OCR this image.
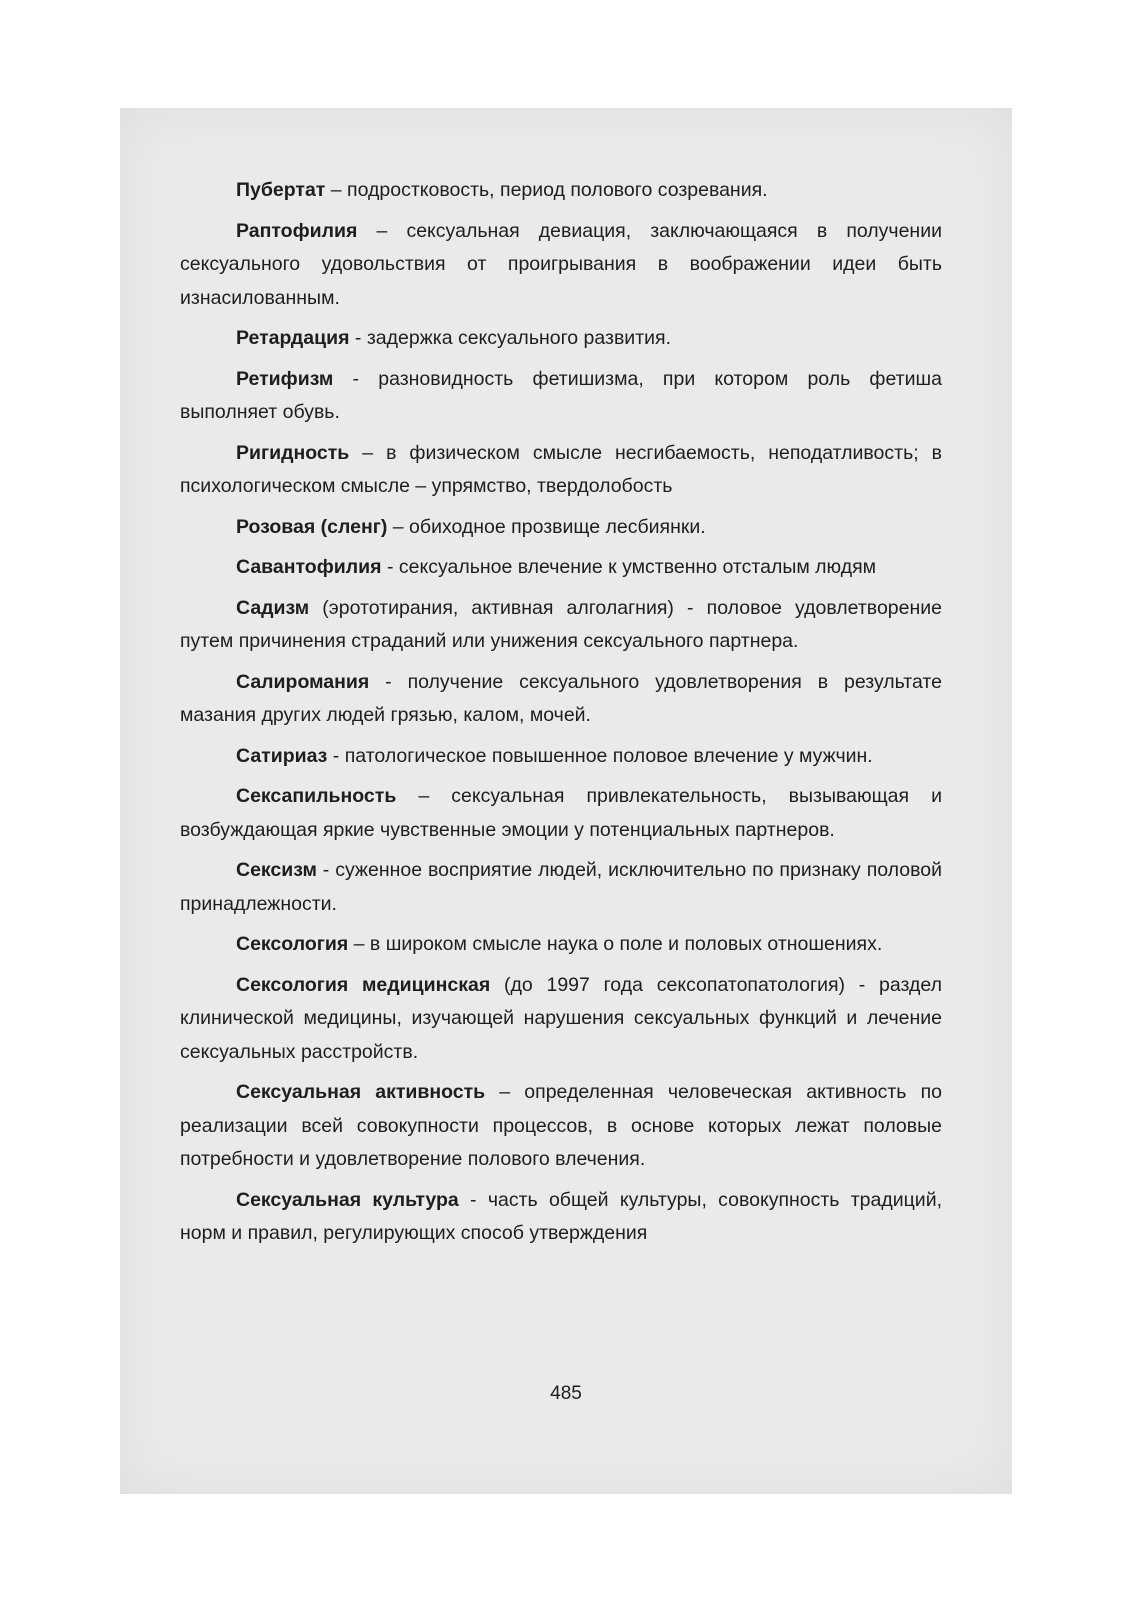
Пубертат – подростковость, период полового созревания.

Раптофилия – сексуальная девиация, заключающаяся в получении сексуального удовольствия от проигрывания в воображении идеи быть изнасилованным.

Ретардация - задержка сексуального развития.

Ретифизм - разновидность фетишизма, при котором роль фетиша выполняет обувь.

Ригидность – в физическом смысле несгибаемость, неподатливость; в психологическом смысле – упрямство, твердолобость

Розовая (сленг) – обиходное прозвище лесбиянки.

Савантофилия - сексуальное влечение к умственно отсталым людям

Садизм (эрототирания, активная алголагния) - половое удовлетворение путем причинения страданий или унижения сексуального партнера.

Салиромания - получение сексуального удовлетворения в результате мазания других людей грязью, калом, мочей.

Сатириаз - патологическое повышенное половое влечение у мужчин.

Сексапильность – сексуальная привлекательность, вызывающая и возбуждающая яркие чувственные эмоции у потенциальных партнеров.

Сексизм - суженное восприятие людей, исключительно по признаку половой принадлежности.

Сексология – в широком смысле наука о поле и половых отношениях.

Сексология медицинская (до 1997 года сексопатопатология) - раздел клинической медицины, изучающей нарушения сексуальных функций и лечение сексуальных расстройств.

Сексуальная активность – определенная человеческая активность по реализации всей совокупности процессов, в основе которых лежат половые потребности и удовлетворение полового влечения.

Сексуальная культура - часть общей культуры, совокупность традиций, норм и правил, регулирующих способ утверждения

485
